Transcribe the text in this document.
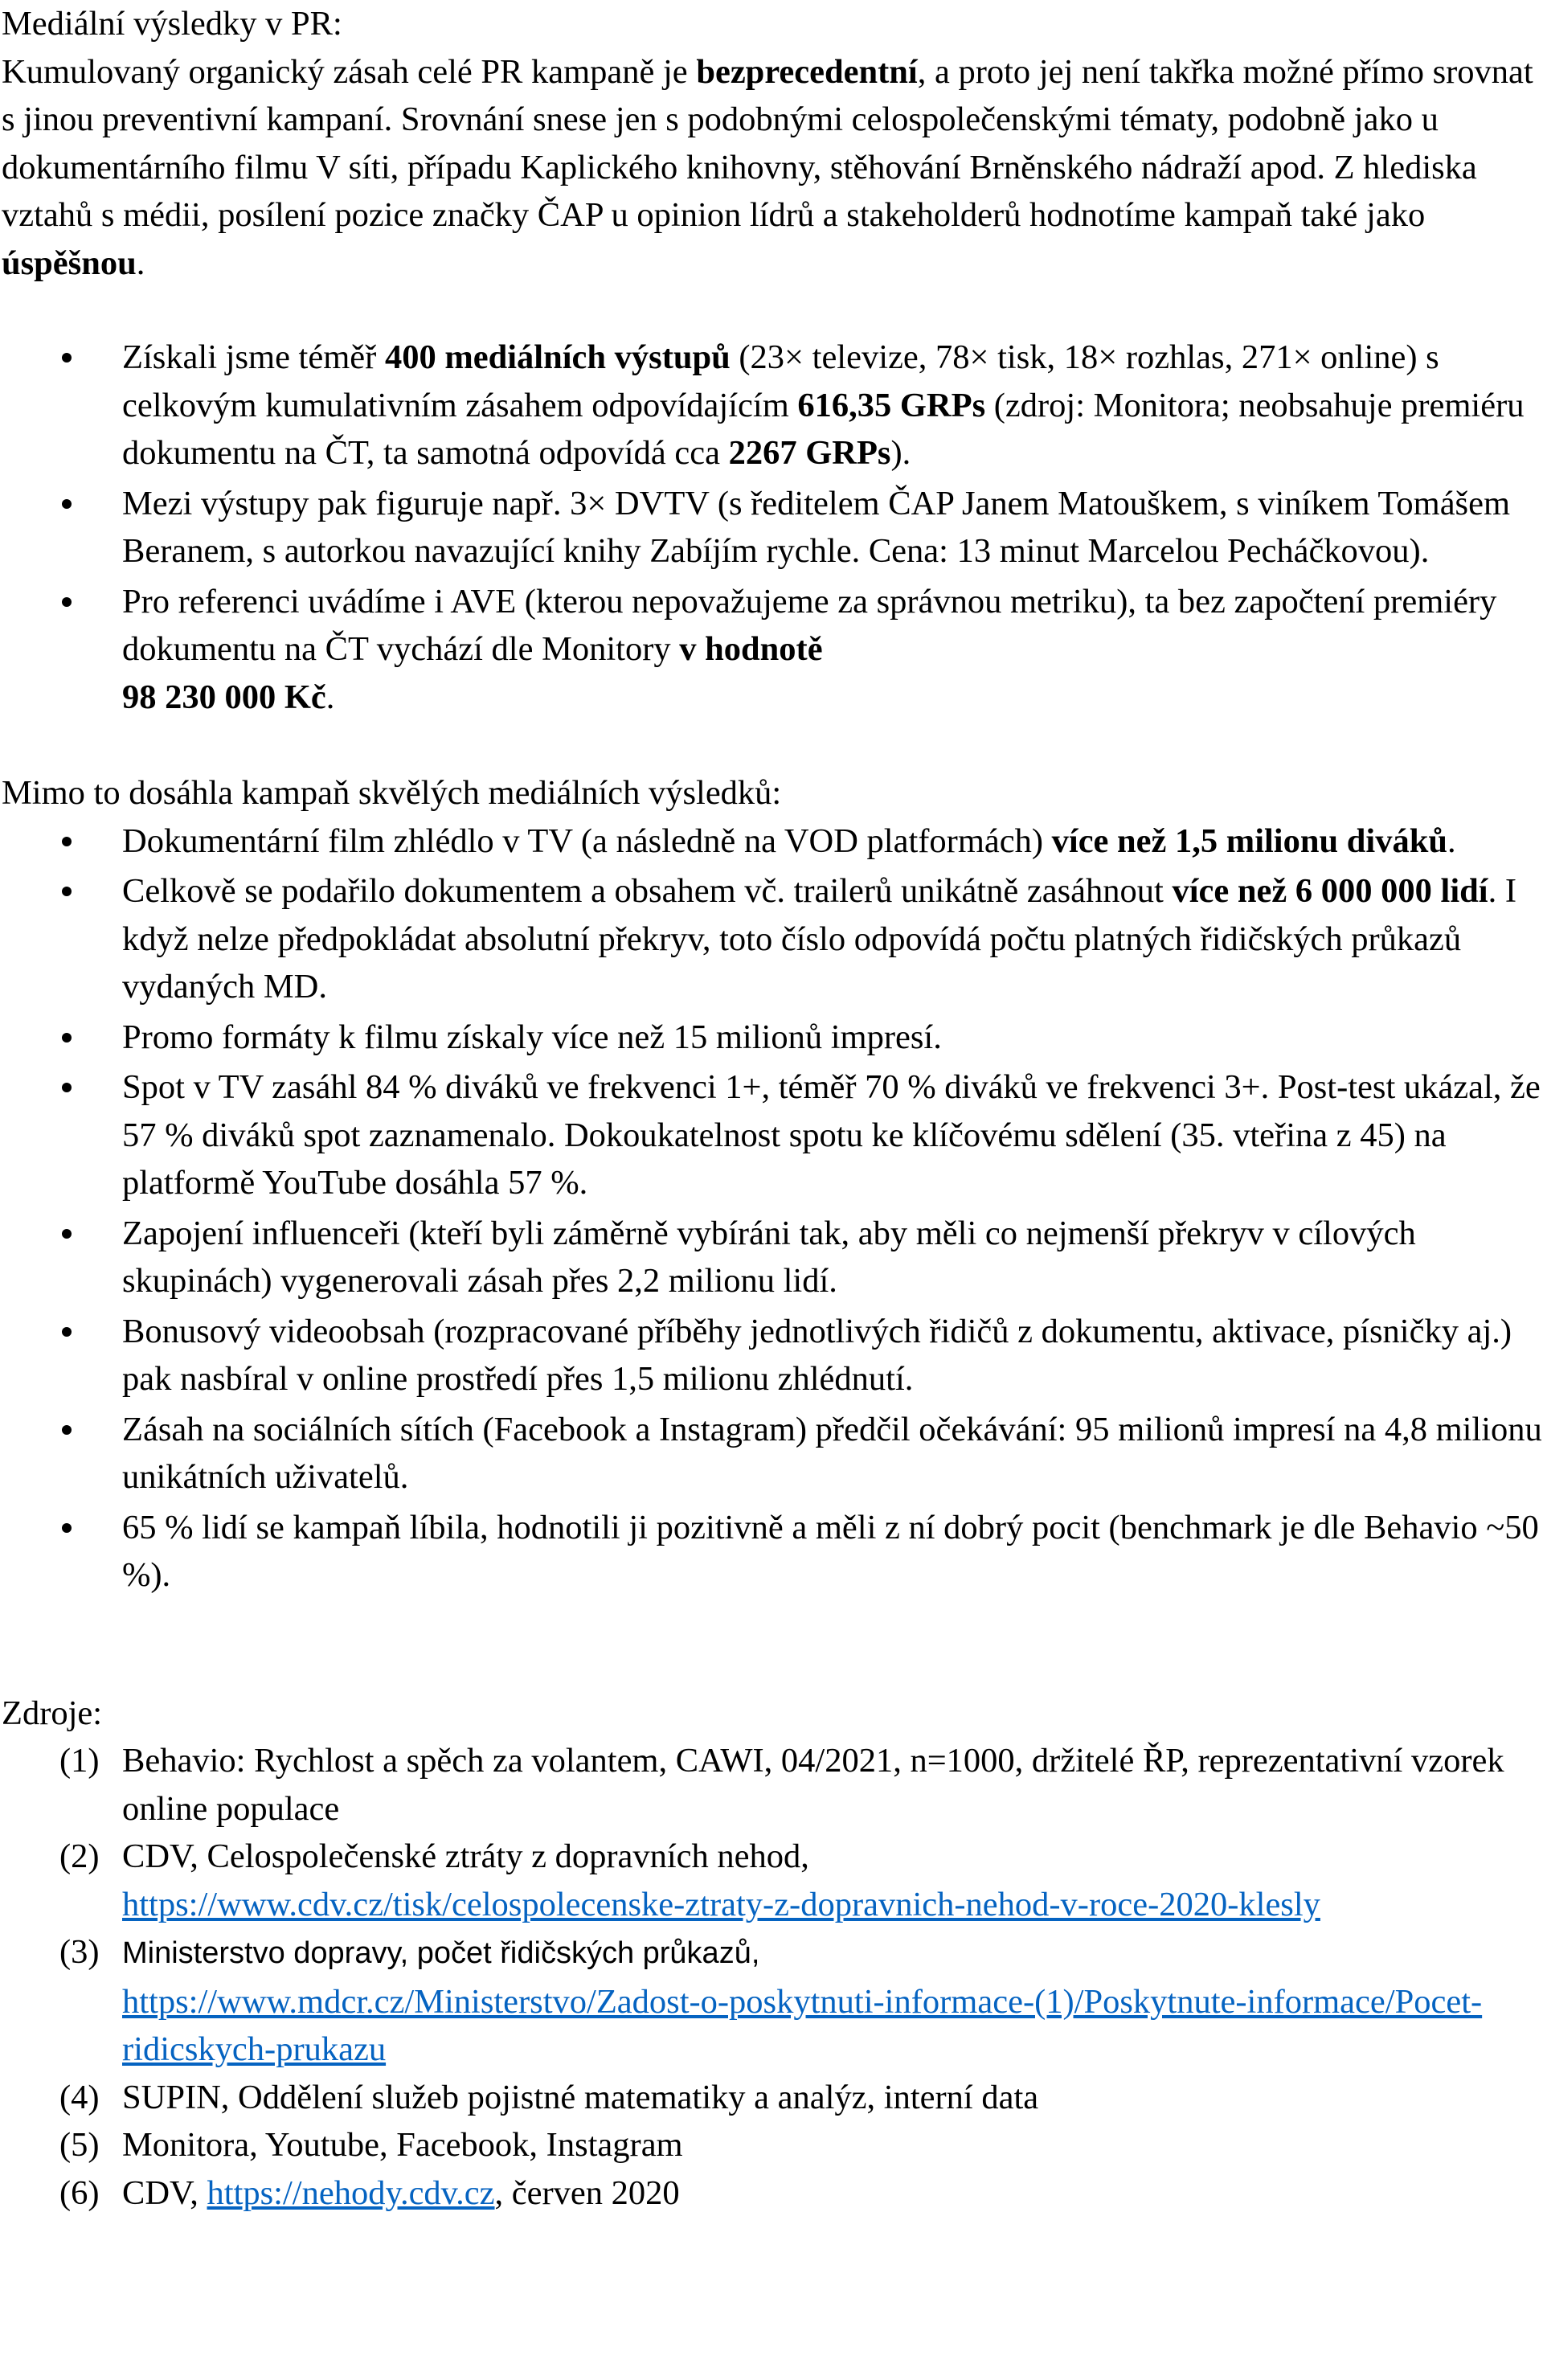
Mediální výsledky v PR:

Kumulovaný organický zásah celé PR kampaně je bezprecedentní, a proto jej není takřka možné přímo srovnat s jinou preventivní kampaní. Srovnání snese jen s podobnými celospolečenskými tématy, podobně jako u dokumentárního filmu V síti, případu Kaplického knihovny, stěhování Brněnského nádraží apod. Z hlediska vztahů s médii, posílení pozice značky ČAP u opinion lídrů a stakeholderů hodnotíme kampaň také jako úspěšnou.

Získali jsme téměř 400 mediálních výstupů (23× televize, 78× tisk, 18× rozhlas, 271× online) s celkovým kumulativním zásahem odpovídajícím 616,35 GRPs (zdroj: Monitora; neobsahuje premiéru dokumentu na ČT, ta samotná odpovídá cca 2267 GRPs).
Mezi výstupy pak figuruje např. 3× DVTV (s ředitelem ČAP Janem Matouškem, s viníkem Tomášem Beranem, s autorkou navazující knihy Zabíjím rychle. Cena: 13 minut Marcelou Pecháčkovou).
Pro referenci uvádíme i AVE (kterou nepovažujeme za správnou metriku), ta bez započtení premiéry dokumentu na ČT vychází dle Monitory v hodnotě
98 230 000 Kč.

Mimo to dosáhla kampaň skvělých mediálních výsledků:

Dokumentární film zhlédlo v TV (a následně na VOD platformách) více než 1,5 milionu diváků.
Celkově se podařilo dokumentem a obsahem vč. trailerů unikátně zasáhnout více než 6 000 000 lidí. I když nelze předpokládat absolutní překryv, toto číslo odpovídá počtu platných řidičských průkazů vydaných MD.
Promo formáty k filmu získaly více než 15 milionů impresí.
Spot v TV zasáhl 84 % diváků ve frekvenci 1+, téměř 70 % diváků ve frekvenci 3+. Post-test ukázal, že 57 % diváků spot zaznamenalo. Dokoukatelnost spotu ke klíčovému sdělení (35. vteřina z 45) na platformě YouTube dosáhla 57 %.
Zapojení influenceři (kteří byli záměrně vybíráni tak, aby měli co nejmenší překryv v cílových skupinách) vygenerovali zásah přes 2,2 milionu lidí.
Bonusový videoobsah (rozpracované příběhy jednotlivých řidičů z dokumentu, aktivace, písničky aj.) pak nasbíral v online prostředí přes 1,5 milionu zhlédnutí.
Zásah na sociálních sítích (Facebook a Instagram) předčil očekávání: 95 milionů impresí na 4,8 milionu unikátních uživatelů.
65 % lidí se kampaň líbila, hodnotili ji pozitivně a měli z ní dobrý pocit (benchmark je dle Behavio ~50 %).

Zdroje:

(1) Behavio: Rychlost a spěch za volantem, CAWI, 04/2021, n=1000, držitelé ŘP, reprezentativní vzorek online populace
(2) CDV, Celospolečenské ztráty z dopravních nehod,
https://www.cdv.cz/tisk/celospolecenske-ztraty-z-dopravnich-nehod-v-roce-2020-klesly
(3) Ministerstvo dopravy, počet řidičských průkazů,
https://www.mdcr.cz/Ministerstvo/Zadost-o-poskytnuti-informace-(1)/Poskytnute-informace/Pocet-ridicskych-prukazu
(4) SUPIN, Oddělení služeb pojistné matematiky a analýz, interní data
(5) Monitora, Youtube, Facebook, Instagram
(6) CDV, https://nehody.cdv.cz, červen 2020
